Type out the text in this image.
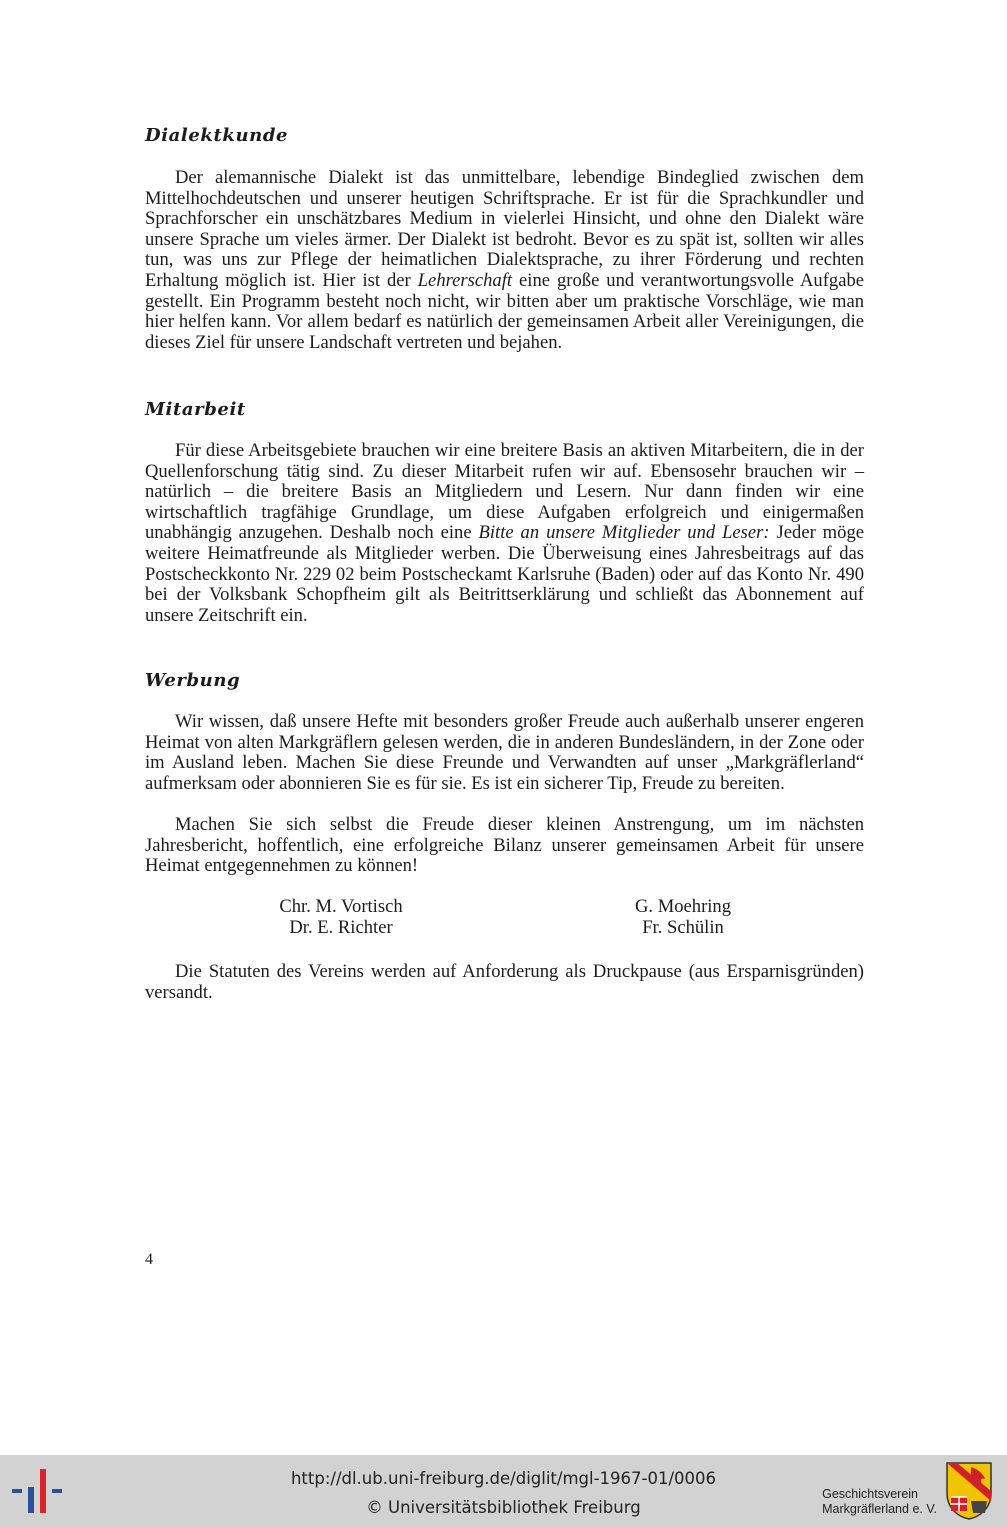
Dialektkunde

Der alemannische Dialekt ist das unmittelbare, lebendige Bindeglied zwischen dem Mittelhochdeutschen und unserer heutigen Schriftsprache. Er ist für die Sprachkundler und Sprachforscher ein unschätzbares Medium in vielerlei Hinsicht, und ohne den Dialekt wäre unsere Sprache um vieles ärmer. Der Dialekt ist bedroht. Bevor es zu spät ist, sollten wir alles tun, was uns zur Pflege der heimatlichen Dialektsprache, zu ihrer Förderung und rechten Erhaltung möglich ist. Hier ist der Lehrerschaft eine große und verantwortungsvolle Aufgabe gestellt. Ein Programm besteht noch nicht, wir bitten aber um praktische Vorschläge, wie man hier helfen kann. Vor allem bedarf es natürlich der gemeinsamen Arbeit aller Vereinigungen, die dieses Ziel für unsere Landschaft vertreten und bejahen.

Mitarbeit

Für diese Arbeitsgebiete brauchen wir eine breitere Basis an aktiven Mitarbeitern, die in der Quellenforschung tätig sind. Zu dieser Mitarbeit rufen wir auf. Ebensosehr brauchen wir – natürlich – die breitere Basis an Mitgliedern und Lesern. Nur dann finden wir eine wirtschaftlich tragfähige Grundlage, um diese Aufgaben erfolgreich und einigermaßen unabhängig anzugehen. Deshalb noch eine Bitte an unsere Mitglieder und Leser: Jeder möge weitere Heimatfreunde als Mitglieder werben. Die Überweisung eines Jahresbeitrags auf das Postscheckkonto Nr. 229 02 beim Postscheckamt Karlsruhe (Baden) oder auf das Konto Nr. 490 bei der Volksbank Schopfheim gilt als Beitrittserklärung und schließt das Abonnement auf unsere Zeitschrift ein.

Werbung

Wir wissen, daß unsere Hefte mit besonders großer Freude auch außerhalb unserer engeren Heimat von alten Markgräflern gelesen werden, die in anderen Bundesländern, in der Zone oder im Ausland leben. Machen Sie diese Freunde und Verwandten auf unser „Markgräflerland“ aufmerksam oder abonnieren Sie es für sie. Es ist ein sicherer Tip, Freude zu bereiten.

Machen Sie sich selbst die Freude dieser kleinen Anstrengung, um im nächsten Jahresbericht, hoffentlich, eine erfolgreiche Bilanz unserer gemeinsamen Arbeit für unsere Heimat entgegennehmen zu können!

Chr. M. Vortisch
Dr. E. Richter
G. Moehring
Fr. Schülin

Die Statuten des Vereins werden auf Anforderung als Druckpause (aus Ersparnisgründen) versandt.

4
http://dl.ub.uni-freiburg.de/diglit/mgl-1967-01/0006
© Universitätsbibliothek Freiburg
Geschichtsverein
Markgräflerland e. V.
